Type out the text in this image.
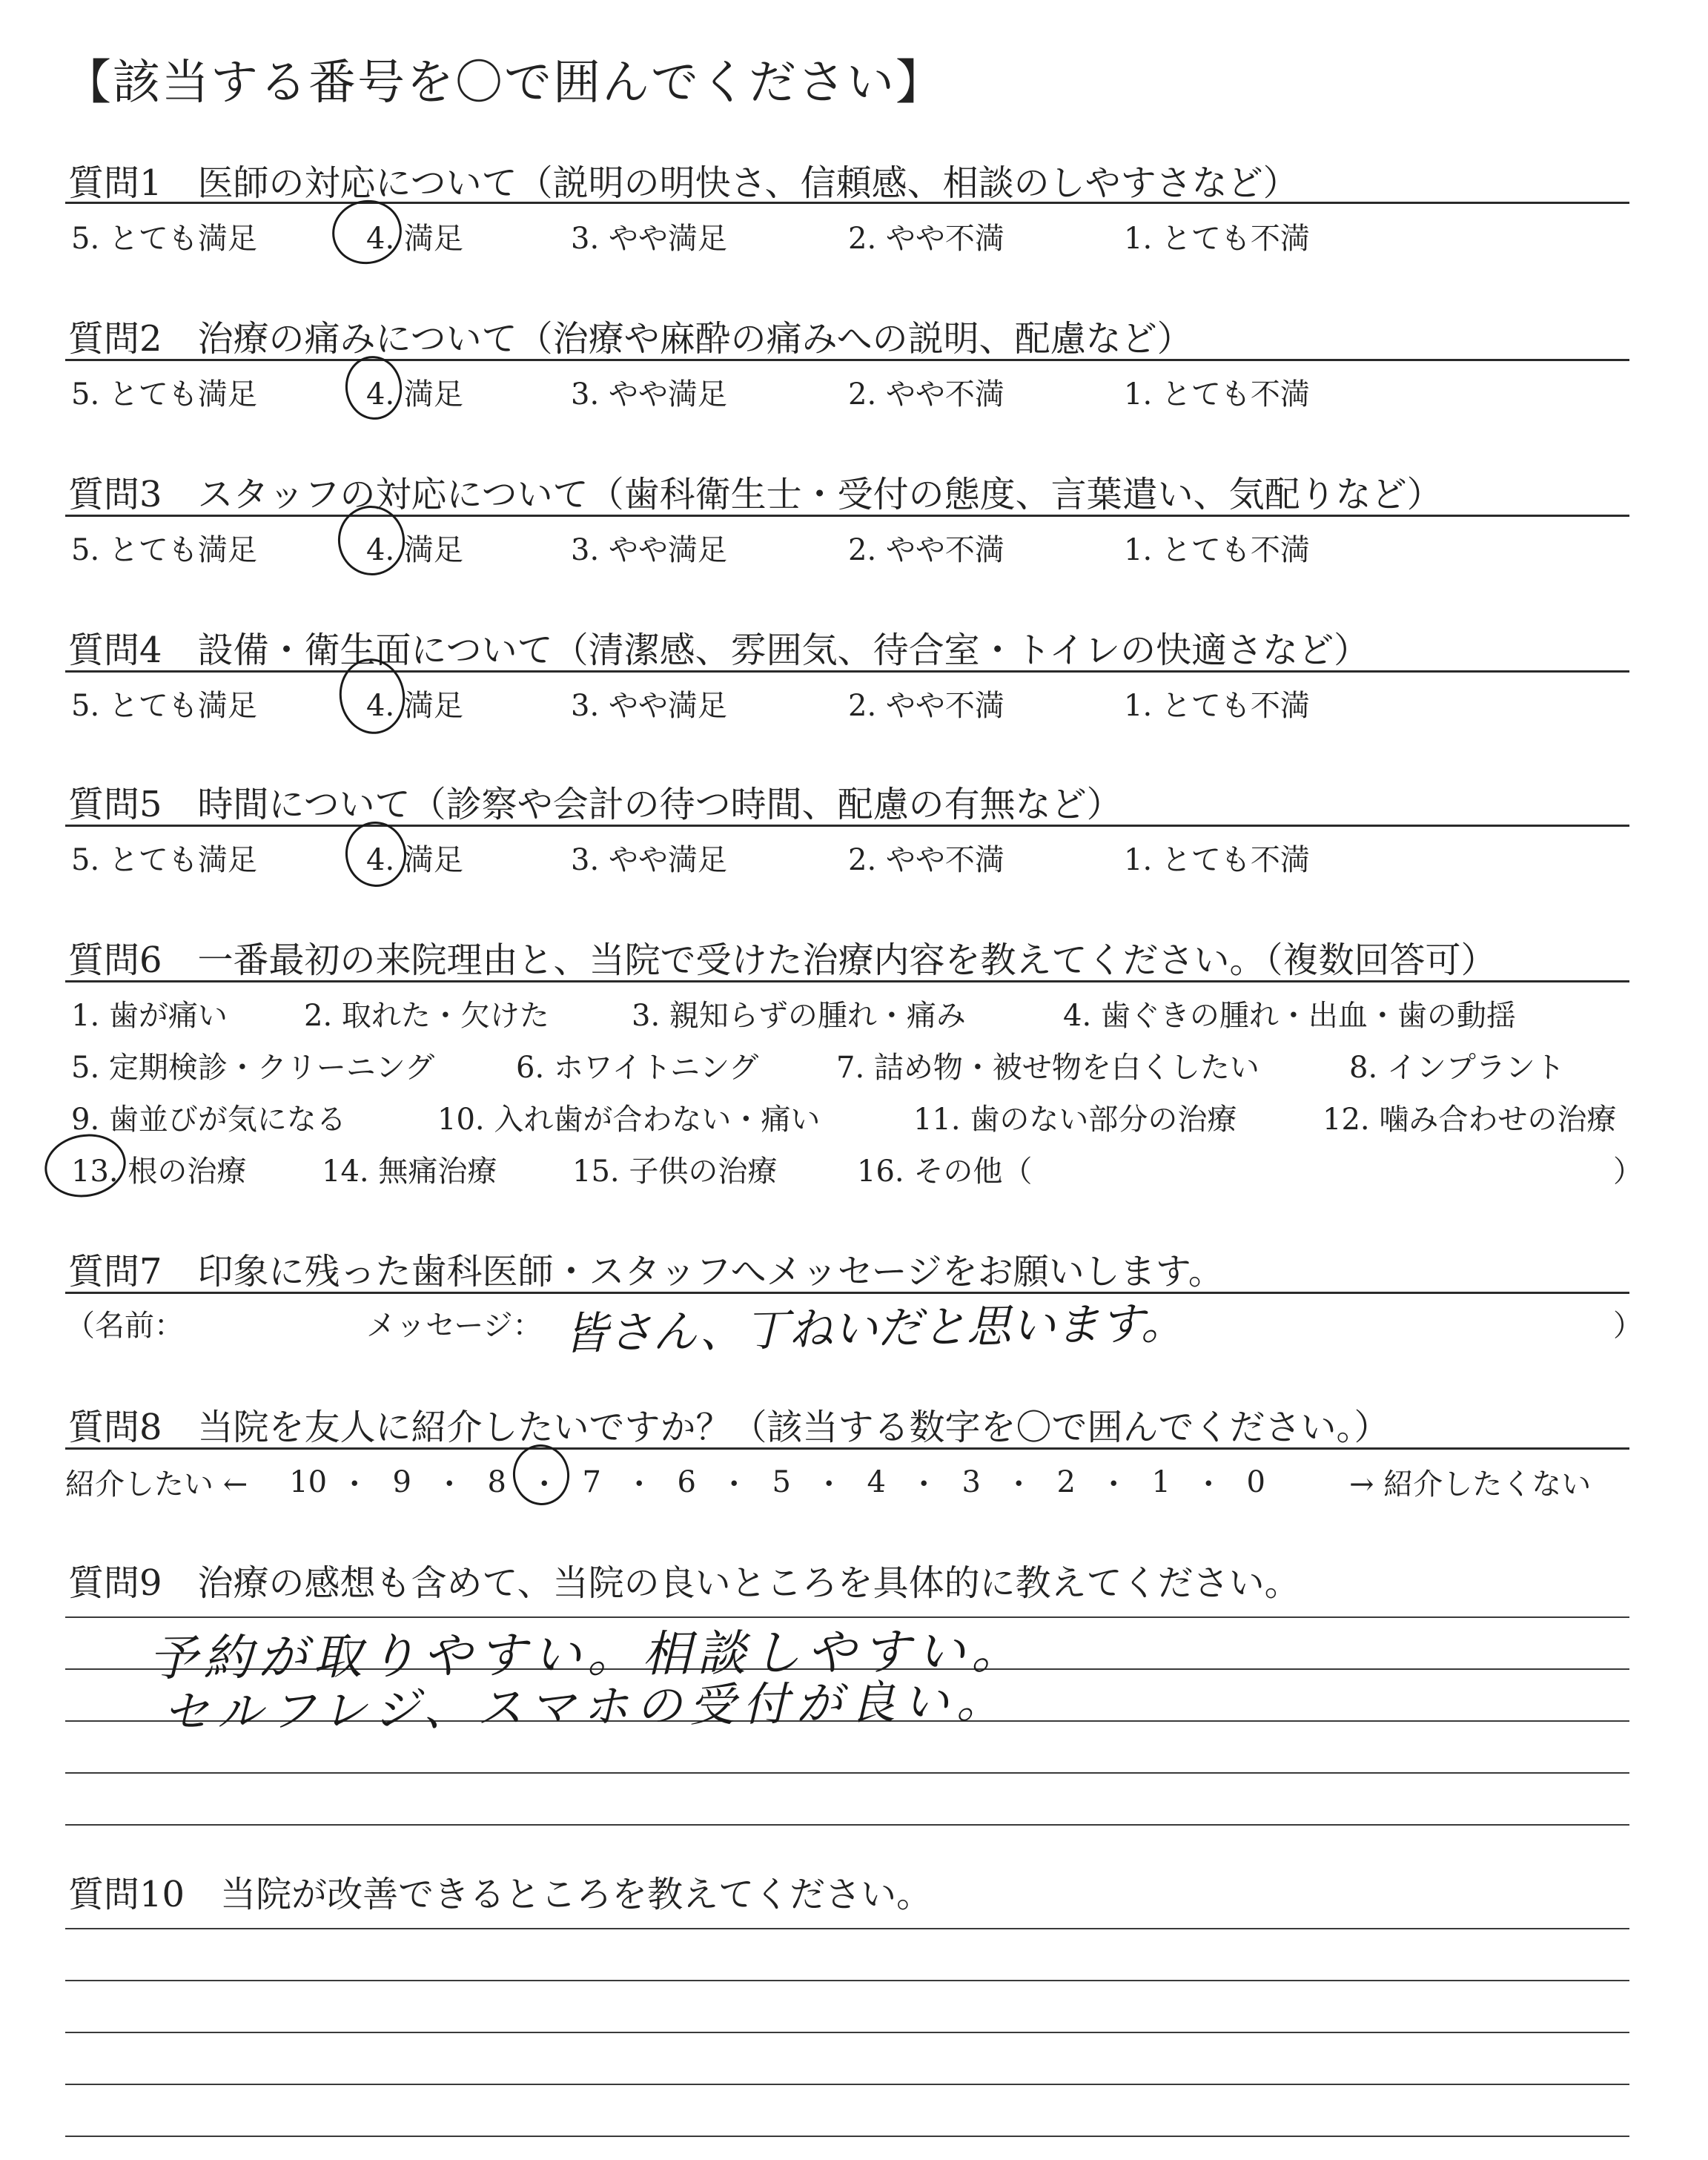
【該当する番号を〇で囲んでください】
質問1　医師の対応について（説明の明快さ、信頼感、相談のしやすさなど）
5. とても満足	4. 満足	3. やや満足	2. やや不満	1. とても不満
質問2　治療の痛みについて（治療や麻酔の痛みへの説明、配慮など）
5. とても満足	4. 満足	3. やや満足	2. やや不満	1. とても不満
質問3　スタッフの対応について（歯科衛生士・受付の態度、言葉遣い、気配りなど）
5. とても満足	4. 満足	3. やや満足	2. やや不満	1. とても不満
質問4　設備・衛生面について（清潔感、雰囲気、待合室・トイレの快適さなど）
5. とても満足	4. 満足	3. やや満足	2. やや不満	1. とても不満
質問5　時間について（診察や会計の待つ時間、配慮の有無など）
5. とても満足	4. 満足	3. やや満足	2. やや不満	1. とても不満
質問6　一番最初の来院理由と、当院で受けた治療内容を教えてください。（複数回答可）
1. 歯が痛い	2. 取れた・欠けた	3. 親知らずの腫れ・痛み	4. 歯ぐきの腫れ・出血・歯の動揺
5. 定期検診・クリーニング	6. ホワイトニング	7. 詰め物・被せ物を白くしたい	8. インプラント
9. 歯並びが気になる	10. 入れ歯が合わない・痛い	11. 歯のない部分の治療	12. 噛み合わせの治療
13. 根の治療	14. 無痛治療	15. 子供の治療	16. その他（	）
質問7　印象に残った歯科医師・スタッフへメッセージをお願いします。
（名前：	メッセージ： 皆さん、丁ねいだと思います。	）
質問8　当院を友人に紹介したいですか？（該当する数字を〇で囲んでください。）
紹介したい ← 10 ・ 9 ・ 8 ・ 7 ・ 6 ・ 5 ・ 4 ・ 3 ・ 2 ・ 1 ・ 0	→ 紹介したくない
質問9　治療の感想も含めて、当院の良いところを具体的に教えてください。
予約が取りやすい。相談しやすい。
セルフレジ、スマホの受付が良い。
質問10　当院が改善できるところを教えてください。
